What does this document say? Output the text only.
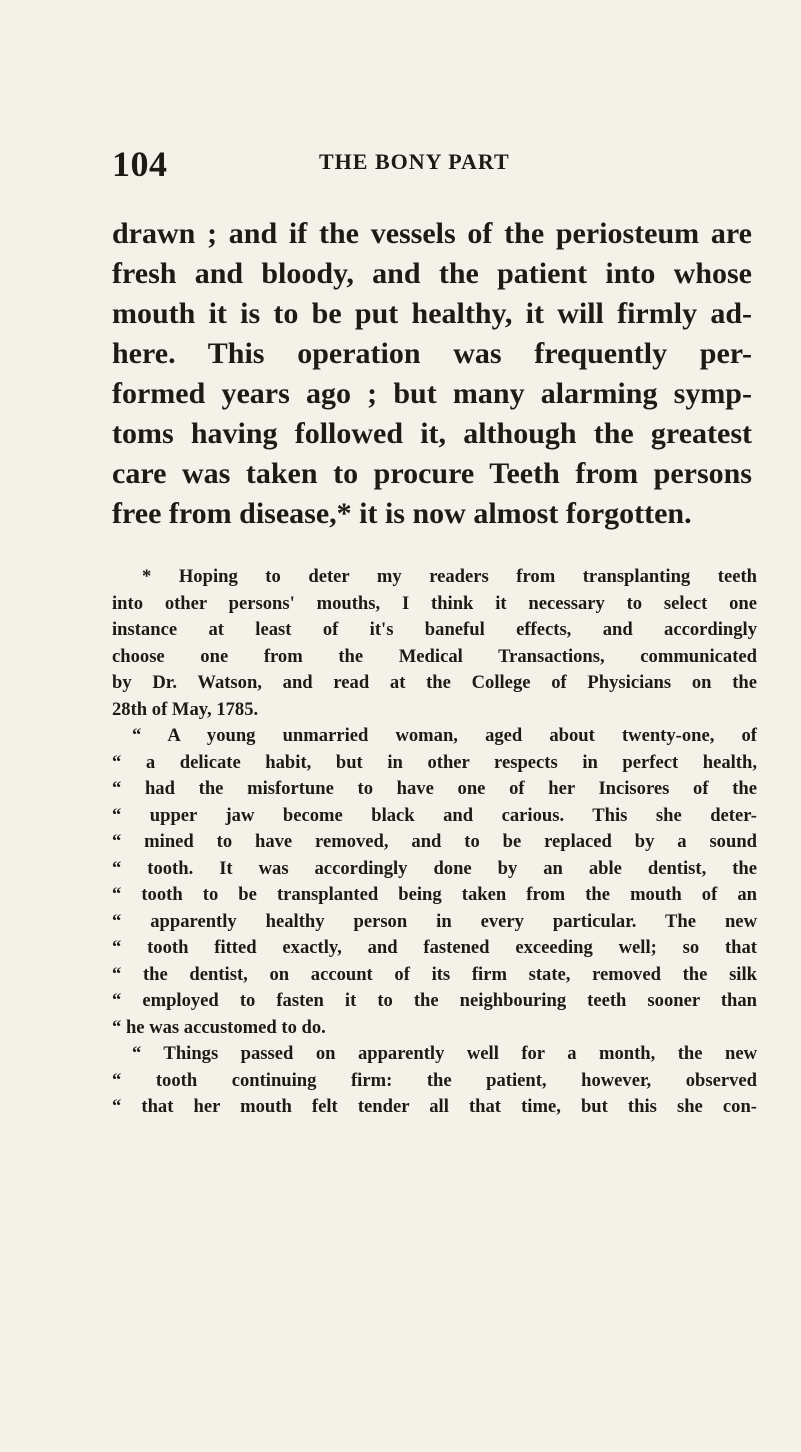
104	THE BONY PART
drawn ; and if the vessels of the periosteum are
fresh and bloody, and the patient into whose
mouth it is to be put healthy, it will firmly ad-
here. This operation was frequently per-
formed years ago ; but many alarming symp-
toms having followed it, although the greatest
care was taken to procure Teeth from persons
free from disease,* it is now almost forgotten.
* Hoping to deter my readers from transplanting teeth
into other persons' mouths, I think it necessary to select one
instance at least of it's baneful effects, and accordingly
choose one from the Medical Transactions, communicated
by Dr. Watson, and read at the College of Physicians on the
28th of May, 1785.
“ A young unmarried woman, aged about twenty-one, of
“ a delicate habit, but in other respects in perfect health,
“ had the misfortune to have one of her Incisores of the
“ upper jaw become black and carious. This she deter-
“ mined to have removed, and to be replaced by a sound
“ tooth. It was accordingly done by an able dentist, the
“ tooth to be transplanted being taken from the mouth of an
“ apparently healthy person in every particular. The new
“ tooth fitted exactly, and fastened exceeding well; so that
“ the dentist, on account of its firm state, removed the silk
“ employed to fasten it to the neighbouring teeth sooner than
“ he was accustomed to do.
“ Things passed on apparently well for a month, the new
“ tooth continuing firm: the patient, however, observed
“ that her mouth felt tender all that time, but this she con-
